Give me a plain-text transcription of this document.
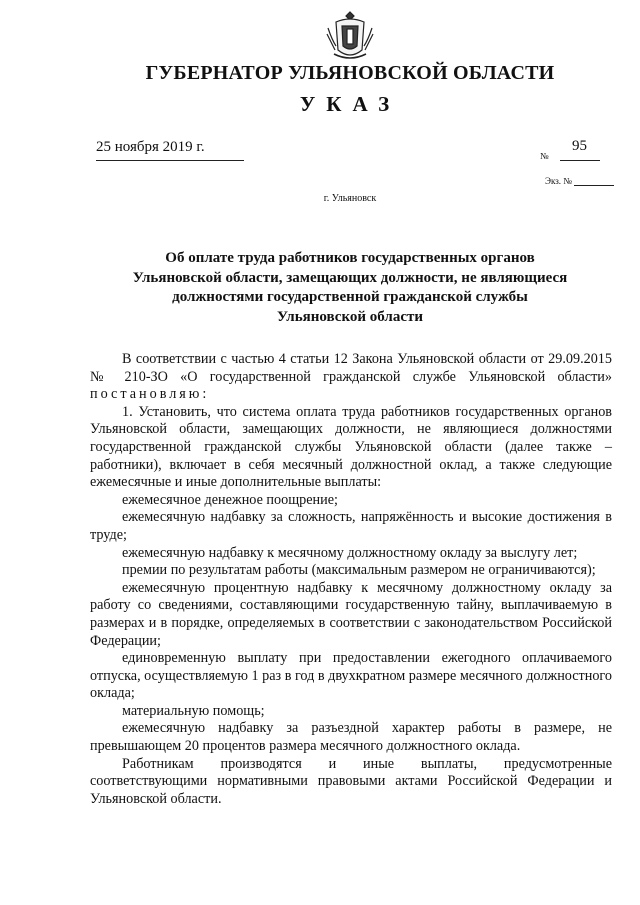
ГУБЕРНАТОР УЛЬЯНОВСКОЙ ОБЛАСТИ
УКАЗ
25 ноября 2019 г.
№
95
Экз. №
г. Ульяновск
Об оплате труда работников государственных органов
Ульяновской области, замещающих должности, не являющиеся
должностями государственной гражданской службы
Ульяновской области

В соответствии с частью 4 статьи 12 Закона Ульяновской области от 29.09.2015 № 210-ЗО «О государственной гражданской службе Ульяновской области» постановляю:

1. Установить, что система оплата труда работников государственных органов Ульяновской области, замещающих должности, не являющиеся должностями государственной гражданской службы Ульяновской области (далее также – работники), включает в себя месячный должностной оклад, а также следующие ежемесячные и иные дополнительные выплаты:

ежемесячное денежное поощрение;

ежемесячную надбавку за сложность, напряжённость и высокие достижения в труде;

ежемесячную надбавку к месячному должностному окладу за выслугу лет;

премии по результатам работы (максимальным размером не ограничиваются);

ежемесячную процентную надбавку к месячному должностному окладу за работу со сведениями, составляющими государственную тайну, выплачиваемую в размерах и в порядке, определяемых в соответствии с законодательством Российской Федерации;

единовременную выплату при предоставлении ежегодного оплачиваемого отпуска, осуществляемую 1 раз в год в двухкратном размере месячного должностного оклада;

материальную помощь;

ежемесячную надбавку за разъездной характер работы в размере, не превышающем 20 процентов размера месячного должностного оклада.

Работникам производятся и иные выплаты, предусмотренные соответствующими нормативными правовыми актами Российской Федерации и Ульяновской области.
